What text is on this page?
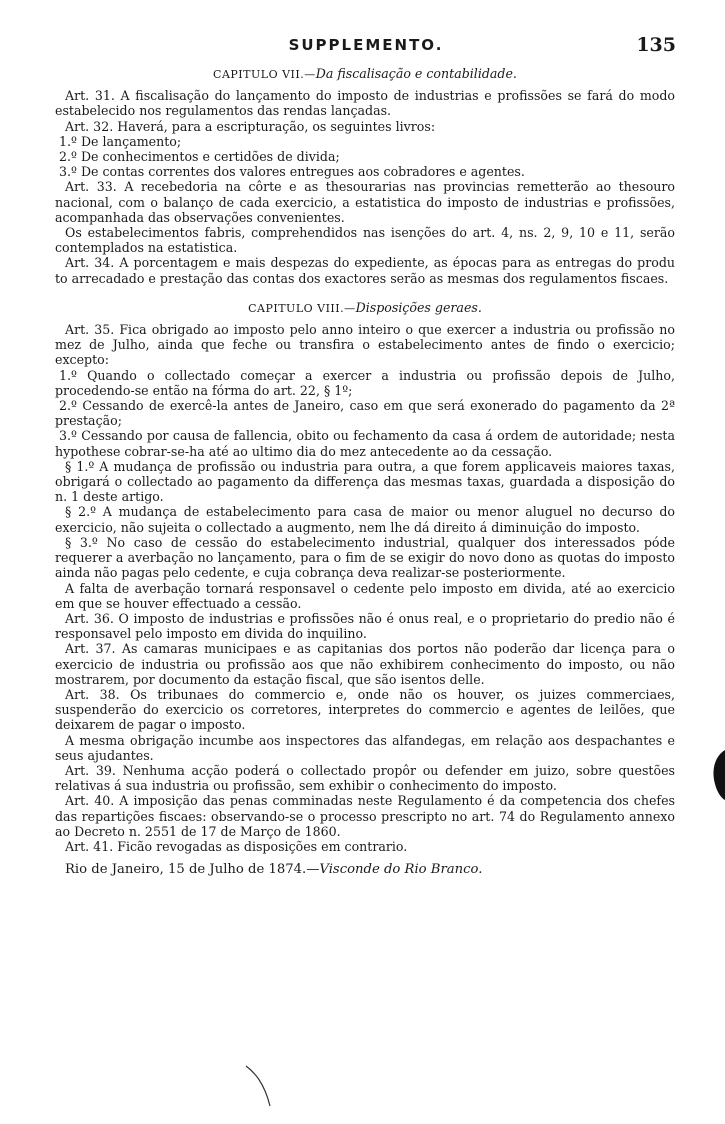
SUPPLEMENTO.	135
CAPITULO VII.—Da fiscalisação e contabilidade.

Art. 31. A fiscalisação do lançamento do imposto de industrias e profissões se fará do modo estabelecido nos regulamentos das rendas lançadas.

Art. 32. Haverá, para a escripturação, os seguintes livros:

1.º De lançamento;

2.º De conhecimentos e certidões de divida;

3.º De contas correntes dos valores entregues aos cobradores e agentes.

Art. 33. A recebedoria na côrte e as thesourarias nas provincias remetterão ao thesouro nacional, com o balanço de cada exercicio, a estatistica do imposto de industrias e profissões, acompanhada das observações convenientes.

Os estabelecimentos fabris, comprehendidos nas isenções do art. 4, ns. 2, 9, 10 e 11, serão contemplados na estatistica.

Art. 34. A porcentagem e mais despezas do expediente, as épocas para as entregas do produ to arrecadado e prestação das contas dos exactores serão as mesmas dos regulamentos fiscaes.

CAPITULO VIII.—Disposições geraes.

Art. 35. Fica obrigado ao imposto pelo anno inteiro o que exercer a industria ou profissão no mez de Julho, ainda que feche ou transfira o estabelecimento antes de findo o exercicio; excepto:

1.º Quando o collectado começar a exercer a industria ou profissão depois de Julho, procedendo-se então na fórma do art. 22, § 1º;

2.º Cessando de exercê-la antes de Janeiro, caso em que será exonerado do pagamento da 2ª prestação;

3.º Cessando por causa de fallencia, obito ou fechamento da casa á ordem de autoridade; nesta hypothese cobrar-se-ha até ao ultimo dia do mez antecedente ao da cessação.

§ 1.º A mudança de profissão ou industria para outra, a que forem applicaveis maiores taxas, obrigará o collectado ao pagamento da differença das mesmas taxas, guardada a disposição do n. 1 deste artigo.

§ 2.º A mudança de estabelecimento para casa de maior ou menor aluguel no decurso do exercicio, não sujeita o collectado a augmento, nem lhe dá direito á diminuição do imposto.

§ 3.º No caso de cessão do estabelecimento industrial, qualquer dos interessados póde requerer a averbação no lançamento, para o fim de se exigir do novo dono as quotas do imposto ainda não pagas pelo cedente, e cuja cobrança deva realizar-se posteriormente.

A falta de averbação tornará responsavel o cedente pelo imposto em divida, até ao exercicio em que se houver effectuado a cessão.

Art. 36. O imposto de industrias e profissões não é onus real, e o proprietario do predio não é responsavel pelo imposto em divida do inquilino.

Art. 37. As camaras municipaes e as capitanias dos portos não poderão dar licença para o exercicio de industria ou profissão aos que não exhibirem conhecimento do imposto, ou não mostrarem, por documento da estação fiscal, que são isentos delle.

Art. 38. Os tribunaes do commercio e, onde não os houver, os juizes commerciaes, suspenderão do exercicio os corretores, interpretes do commercio e agentes de leilões, que deixarem de pagar o imposto.

A mesma obrigação incumbe aos inspectores das alfandegas, em relação aos despachantes e seus ajudantes.

Art. 39. Nenhuma acção poderá o collectado propôr ou defender em juizo, sobre questões relativas á sua industria ou profissão, sem exhibir o conhecimento do imposto.

Art. 40. A imposição das penas comminadas neste Regulamento é da competencia dos chefes das repartições fiscaes: observando-se o processo prescripto no art. 74 do Regulamento annexo ao Decreto n. 2551 de 17 de Março de 1860.

Art. 41. Ficão revogadas as disposições em contrario.

Rio de Janeiro, 15 de Julho de 1874.—Visconde do Rio Branco.
